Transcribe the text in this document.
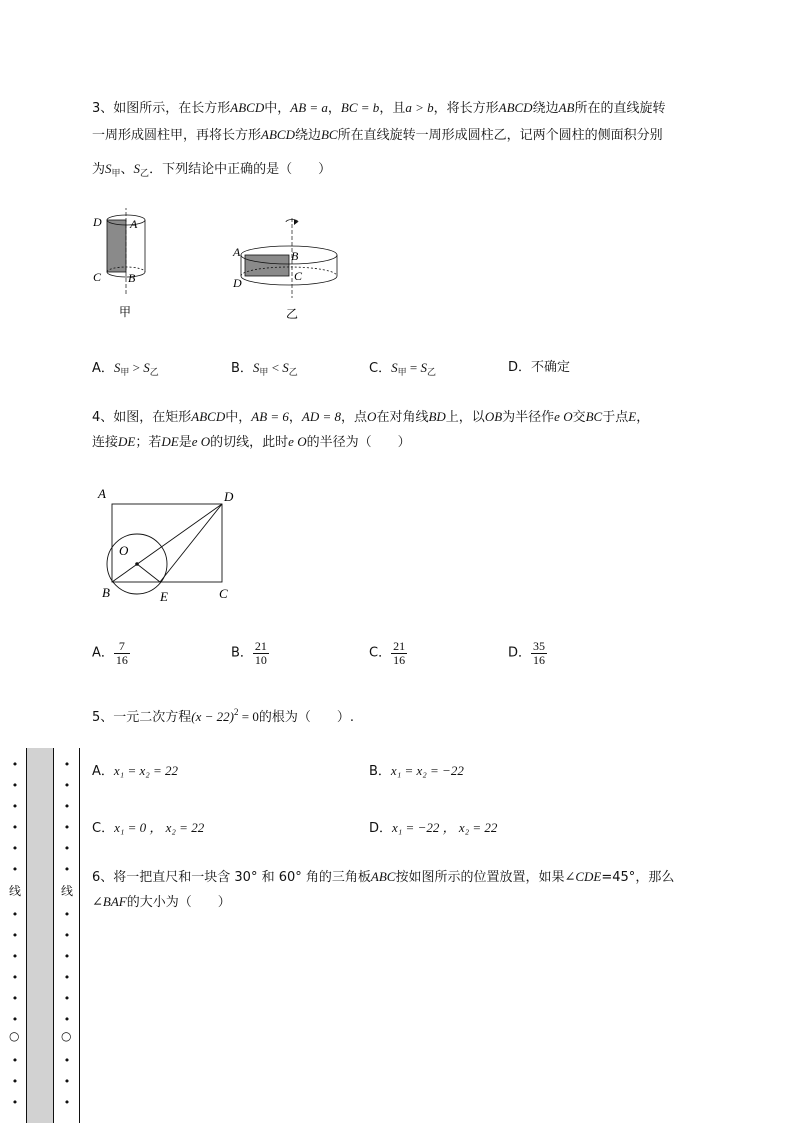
3、如图所示，在长方形ABCD中，AB = a，BC = b，且a > b，将长方形ABCD绕边AB所在的直线旋转
一周形成圆柱甲，再将长方形ABCD绕边BC所在直线旋转一周形成圆柱乙，记两个圆柱的侧面积分别
为$S_甲$、$S_乙$．下列结论中正确的是（　　）
D A
C B
甲
A	B
D	C
乙
A．$S_甲 > S_乙$	B．$S_甲 < S_乙$	C．$S_甲 = S_乙$	D．不确定
4、如图，在矩形ABCD中，AB = 6，AD = 8，点O在对角线BD上，以OB为半径作e O交BC于点E，
连接DE；若DE是e O的切线，此时e O的半径为（　　）
A	D
O
B	E	C
A． $\frac{7}{16}$	B． $\frac{21}{10}$	C． $\frac{21}{16}$	D． $\frac{35}{16}$
5、一元二次方程$(x - 22)^2 = 0$的根为（　　）.
A．x₁ = x₂ = 22	B．x₁ = x₂ = −22
C．x₁ = 0 ， x₂ = 22	D．x₁ = −22 ， x₂ = 22
6、将一把直尺和一块含 30° 和 60° 角的三角板ABC按如图所示的位置放置，如果∠CDE=45°，那么
∠BAF的大小为（　　）
•
•
•
•
•
•
线
•
•
•
•
•
•
○
•
•
•
•
•
•
•
•
•
线
•
•
•
•
•
•
○
•
•
•
